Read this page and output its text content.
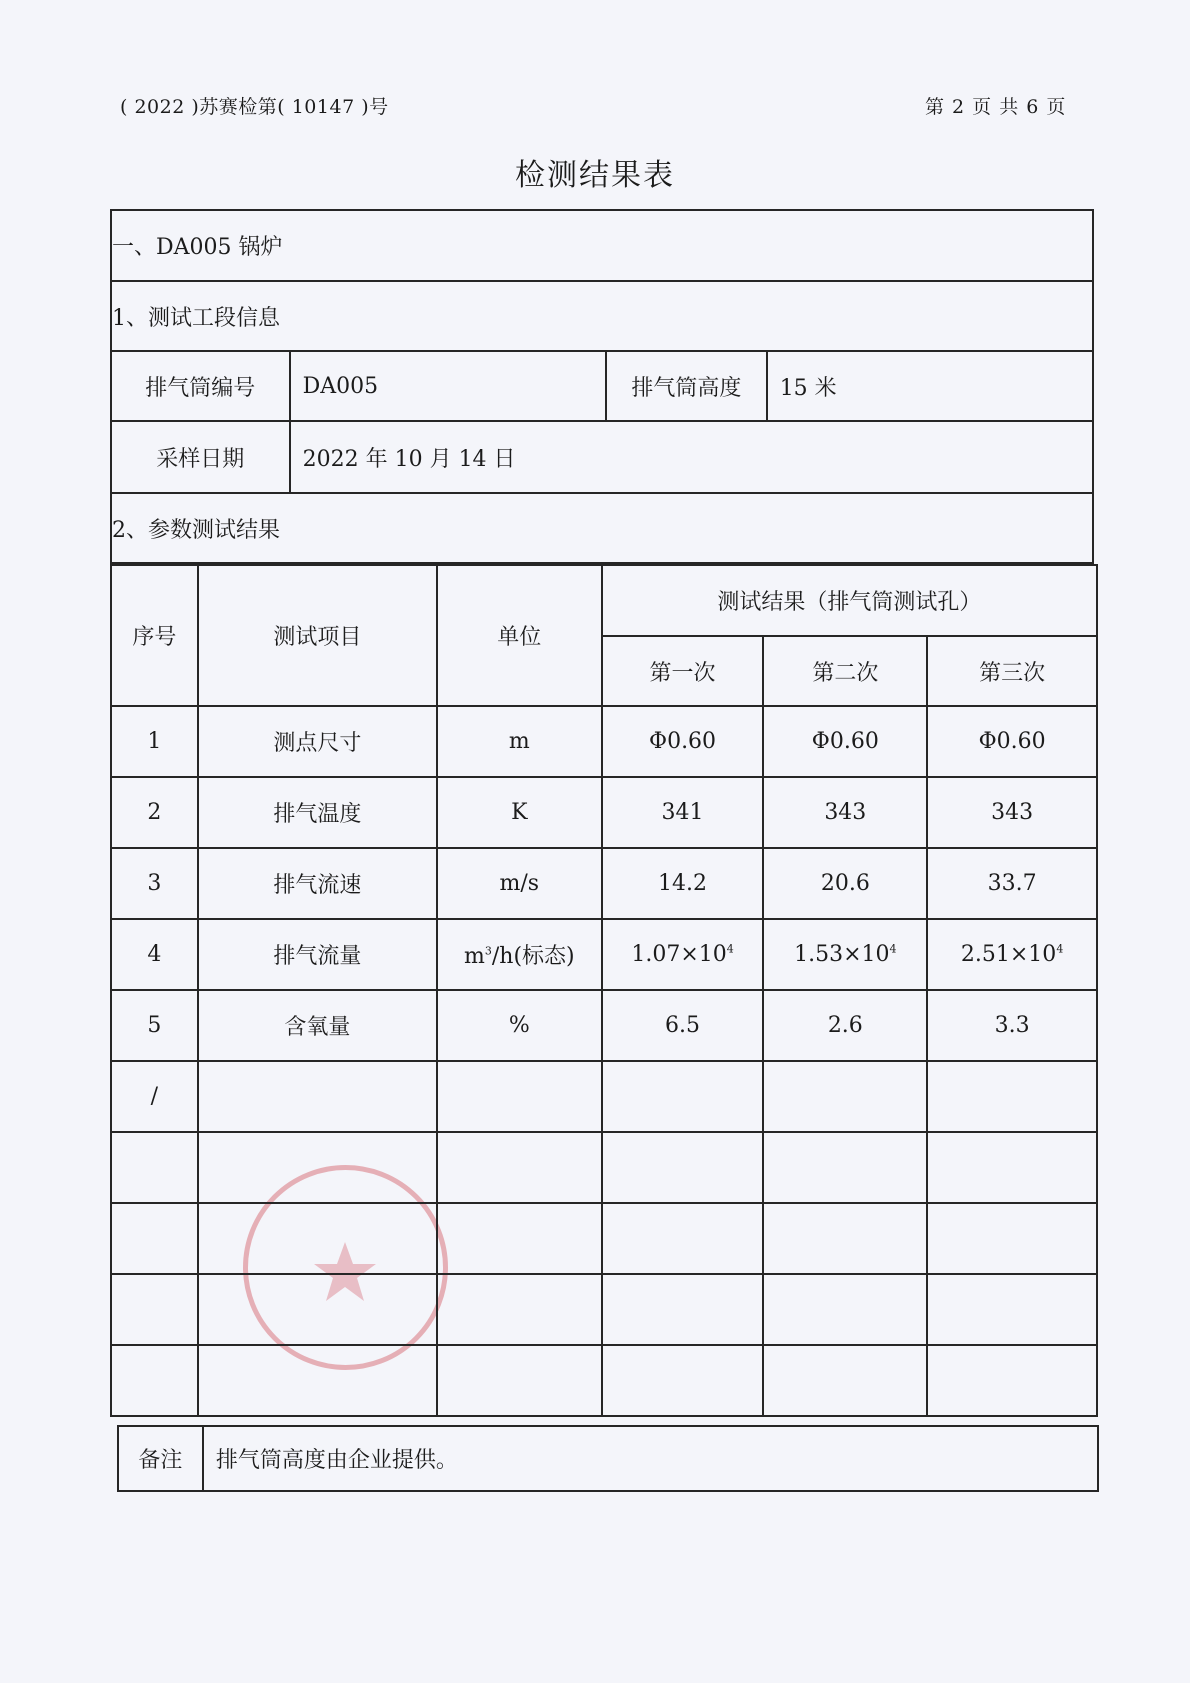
( 2022 )苏赛检第( 10147 )号	第 2 页 共 6 页
检测结果表
一、DA005 锅炉			
1、测试工段信息			
排气筒编号	DA005	排气筒高度	15 米
采样日期	2022 年 10 月 14 日		
2、参数测试结果			
序号	测试项目	单位	测试结果（排气筒测试孔）		
			第一次	第二次	第三次
1	测点尺寸	m	Φ0.60	Φ0.60	Φ0.60
2	排气温度	K	341	343	343
3	排气流速	m/s	14.2	20.6	33.7
4	排气流量	$m^3/h$(标态)	$1.07\times 10^4$	$1.53\times 10^4$	$2.51\times 10^4$
5	含氧量	%	6.5	2.6	3.3
/					

备注	排气筒高度由企业提供。
